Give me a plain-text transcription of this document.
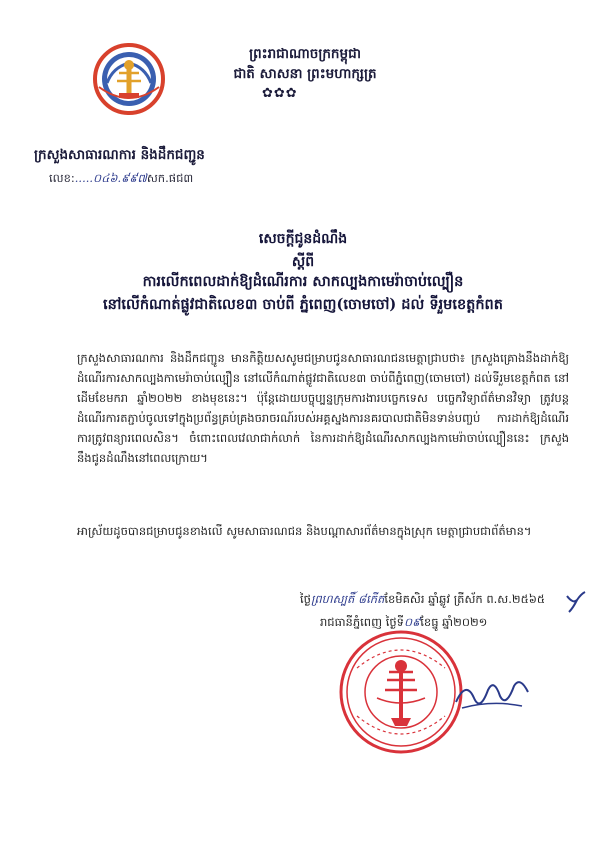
ព្រះរាជាណាចក្រកម្ពុជា
ជាតិ សាសនា ព្រះមហាក្សត្រ
✿✿✿
ក្រសួងសាធារណការ និងដឹកជញ្ជូន
លេខ:.....០៤៦.៩៩៧សក.ផជ៣
សេចក្តីជូនដំណឹង
ស្តីពី
ការលើកពេលដាក់ឱ្យដំណើរការ សាកល្បងកាមេរ៉ាចាប់ល្បឿន
នៅលើកំណាត់ផ្លូវជាតិលេខ៣ ចាប់ពី ភ្នំពេញ(ចោមចៅ) ដល់ ទីរួមខេត្តកំពត
ក្រសួងសាធារណការ និងដឹកជញ្ជូន មានកិត្តិយសសូមជម្រាបជូនសាធារណជនមេត្តាជ្រាបថា៖ ក្រសួងគ្រោងនឹងដាក់ឱ្យដំណើរការសាកល្បងកាមេរ៉ាចាប់ល្បឿន នៅលើកំណាត់ផ្លូវជាតិលេខ៣ ចាប់ពីភ្នំពេញ(ចោមចៅ) ដល់ទីរួមខេត្តកំពត នៅដើមខែមករា ឆ្នាំ២០២២ ខាងមុខនេះ។ ប៉ុន្តែដោយបច្ចុប្បន្នក្រុមការងារបច្ចេកទេស បច្ចេកវិទ្យាព័ត៌មានវិទ្យា ត្រូវបន្តដំណើរការតភ្ជាប់ចូលទៅក្នុងប្រព័ន្ធគ្រប់គ្រងចរាចរណ៍របស់អគ្គស្នងការនគរបាលជាតិមិនទាន់បញ្ចប់ ការដាក់ឱ្យដំណើរការត្រូវពន្យារពេលសិន។ ចំពោះពេលវេលាជាក់លាក់ នៃការដាក់ឱ្យដំណើរសាកល្បងកាមេរ៉ាចាប់ល្បឿននេះ ក្រសួងនឹងជូនដំណឹងនៅពេលក្រោយ។
អាស្រ័យដូចបានជម្រាបជូនខាងលើ សូមសាធារណជន និងបណ្ដាសារព័ត៌មានក្នុងស្រុក មេត្តាជ្រាបជាព័ត៌មាន។
ថ្ងៃព្រហស្បតិ៍ ៨កើតខែមិគសិរ ឆ្នាំឆ្លូវ ត្រីស័ក ព.ស.២៥៦៥
រាជធានីភ្នំពេញ ថ្ងៃទី០៩ខែធ្នូ ឆ្នាំ២០២១
